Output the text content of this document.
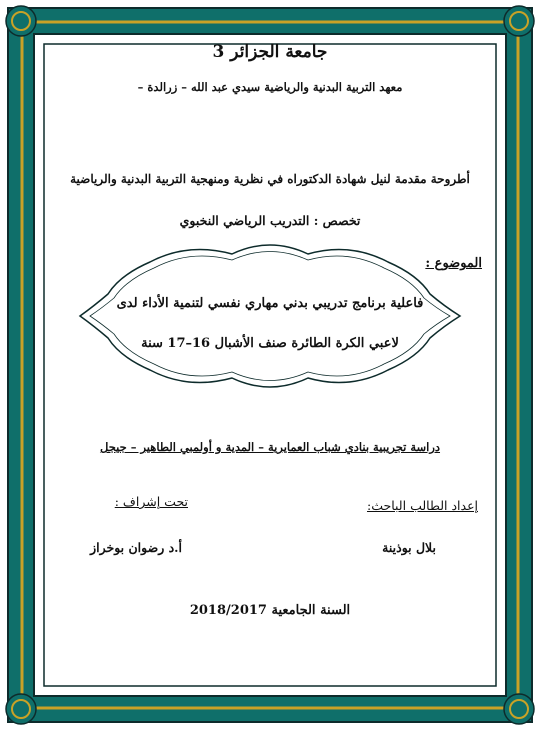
جامعة الجزائر 3
معهد التربية البدنية والرياضية سيدي عبد الله – زرالدة –
أطروحة مقدمة لنيل شهادة الدكتوراه في نظرية ومنهجية التربية البدنية والرياضية
تخصص : التدريب الرياضي النخبوي
الموضوع :
فاعلية برنامج تدريبي بدني مهاري نفسي لتنمية الأداء لدى
لاعبي الكرة الطائرة صنف الأشبال 16–17 سنة
دراسة تجريبية بنادي شباب العمايرية – المدية و أولمبي الطاهير – جيجل
إعداد الطالب الباحث:
بلال بوذينة
تحت إشراف :
أ.د رضوان بوخراز
السنة الجامعية 2018/2017
